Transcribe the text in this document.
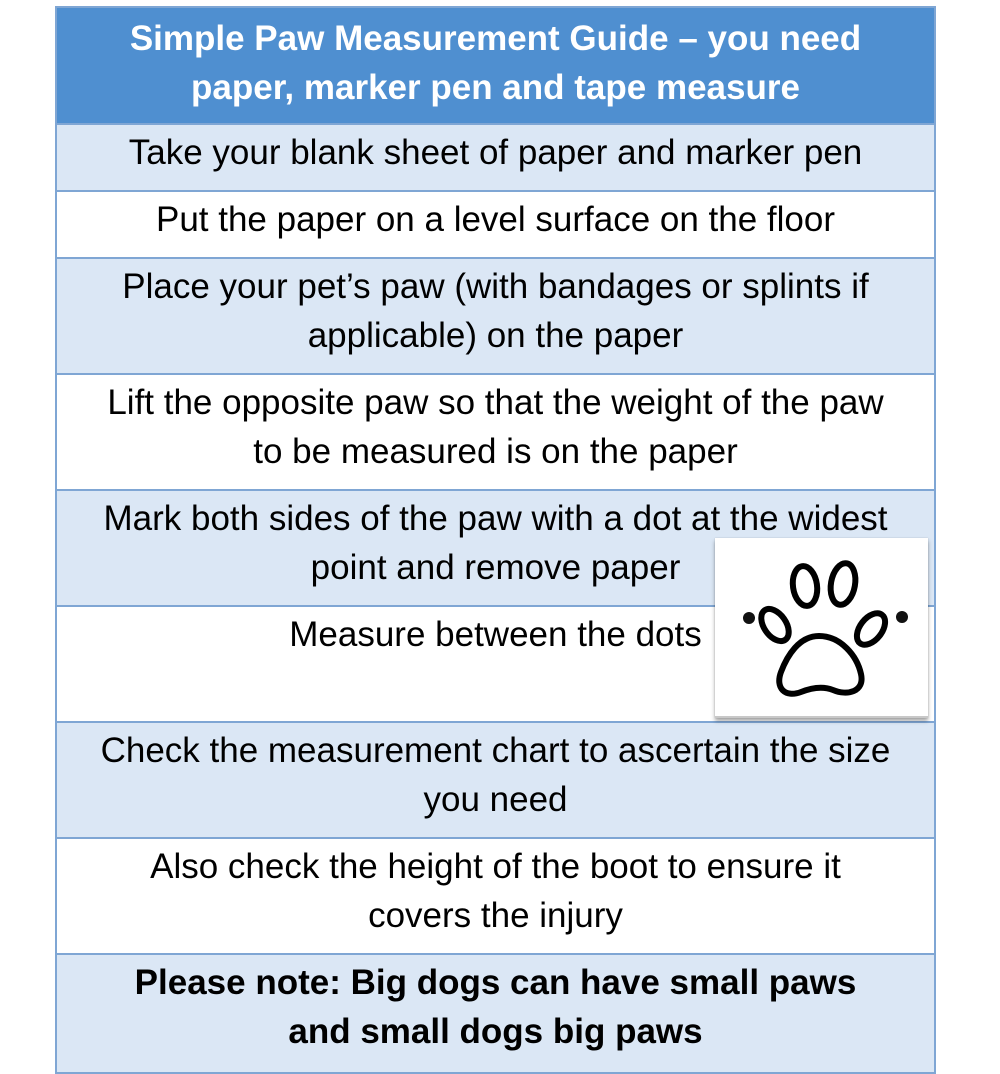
Simple Paw Measurement Guide – you need
paper, marker pen and tape measure
Take your blank sheet of paper and marker pen
Put the paper on a level surface on the floor
Place your pet’s paw (with bandages or splints if
applicable) on the paper
Lift the opposite paw so that the weight of the paw
to be measured is on the paper
Mark both sides of the paw with a dot at the widest
point and remove paper
Measure between the dots
Check the measurement chart to ascertain the size
you need
Also check the height of the boot to ensure it
covers the injury
Please note: Big dogs can have small paws
and small dogs big paws
